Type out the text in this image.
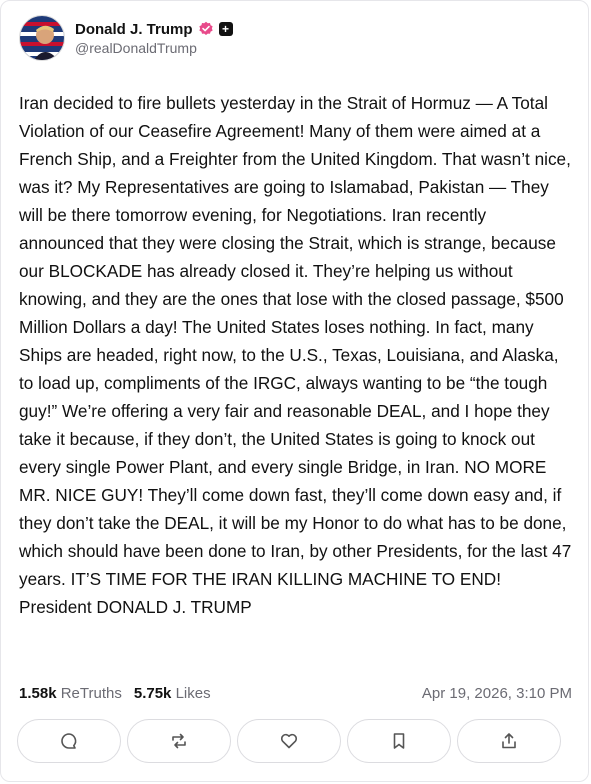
Donald J. Trump +
@realDonaldTrump
Iran decided to fire bullets yesterday in the Strait of Hormuz — A Total Violation of our Ceasefire Agreement! Many of them were aimed at a French Ship, and a Freighter from the United Kingdom. That wasn’t nice, was it? My Representatives are going to Islamabad, Pakistan — They will be there tomorrow evening, for Negotiations. Iran recently announced that they were closing the Strait, which is strange, because our BLOCKADE has already closed it. They’re helping us without knowing, and they are the ones that lose with the closed passage, $500 Million Dollars a day! The United States loses nothing. In fact, many Ships are headed, right now, to the U.S., Texas, Louisiana, and Alaska, to load up, compliments of the IRGC, always wanting to be “the tough guy!” We’re offering a very fair and reasonable DEAL, and I hope they take it because, if they don’t, the United States is going to knock out every single Power Plant, and every single Bridge, in Iran. NO MORE MR. NICE GUY! They’ll come down fast, they’ll come down easy and, if they don’t take the DEAL, it will be my Honor to do what has to be done, which should have been done to Iran, by other Presidents, for the last 47 years. IT’S TIME FOR THE IRAN KILLING MACHINE TO END! President DONALD J. TRUMP
1.58k ReTruths 5.75k Likes	Apr 19, 2026, 3:10 PM
